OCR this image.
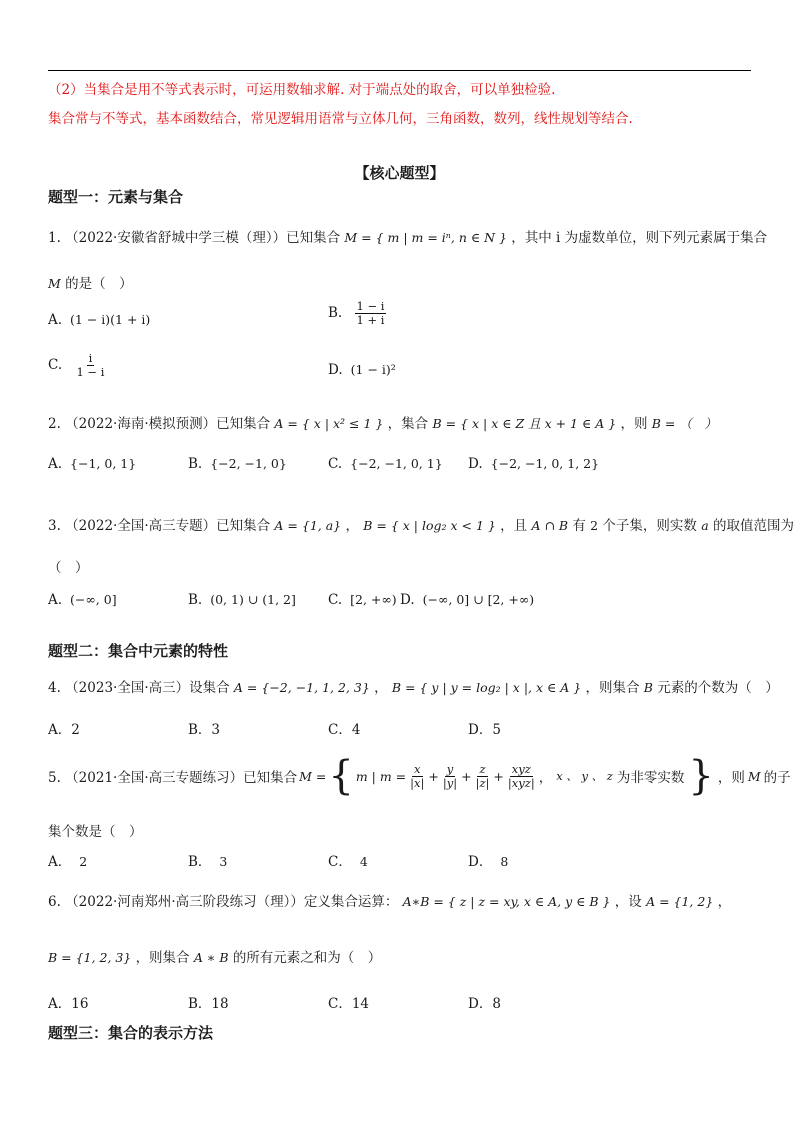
（2）当集合是用不等式表示时，可运用数轴求解. 对于端点处的取舍，可以单独检验.
集合常与不等式，基本函数结合，常见逻辑用语常与立体几何，三角函数，数列，线性规划等结合.
【核心题型】
题型一：元素与集合
1. （2022·安徽省舒城中学三模（理））已知集合 M = { m | m = iⁿ, n ∈ N } ，其中 i 为虚数单位，则下列元素属于集合
M 的是（　）
A. (1 − i)(1 + i)	B. $\frac{1 - i}{1 + i}$
C. $\frac{i}{1 - i}$	D. (1 − i)²
2. （2022·海南·模拟预测）已知集合 A = { x | x² ≤ 1 } ，集合 B = { x | x ∈ Z 且 x + 1 ∈ A } ，则 B = （　）
A. {−1, 0, 1}	B. {−2, −1, 0}	C. {−2, −1, 0, 1} D. {−2, −1, 0, 1, 2}
3. （2022·全国·高三专题）已知集合 A = {1, a} ， B = { x | log₂ x < 1 } ，且 A ∩ B 有 2 个子集，则实数 a 的取值范围为
（　）
A. (−∞, 0]	B. (0, 1) ∪ (1, 2] C. [2, +∞) D. (−∞, 0] ∪ [2, +∞)
题型二：集合中元素的特性
4. （2023·全国·高三）设集合 A = {−2, −1, 1, 2, 3} ， B = { y | y = log₂ | x |, x ∈ A } ，则集合 B 元素的个数为（　）
A．2	B．3	C．4	D．5
5. （2021·全国·高三专题练习）已知集合 M = { m | $m = \frac{x}{|x|} + \frac{y}{|y|} + \frac{z}{|z|} + \frac{\text{xyz}}{\text{|xyz|}}$ ， x 、 y 、 z 为非零实数 } ，则 M 的子
集个数是（　）
A． 2	B． 3	C． 4	D． 8
6. （2022·河南郑州·高三阶段练习（理））定义集合运算： A∗B = { z | z = xy, x ∈ A, y ∈ B } ，设 A = {1, 2} ，
B = {1, 2, 3} ，则集合 A ∗ B 的所有元素之和为（　）
A．16	B．18	C．14	D．8
题型三：集合的表示方法
